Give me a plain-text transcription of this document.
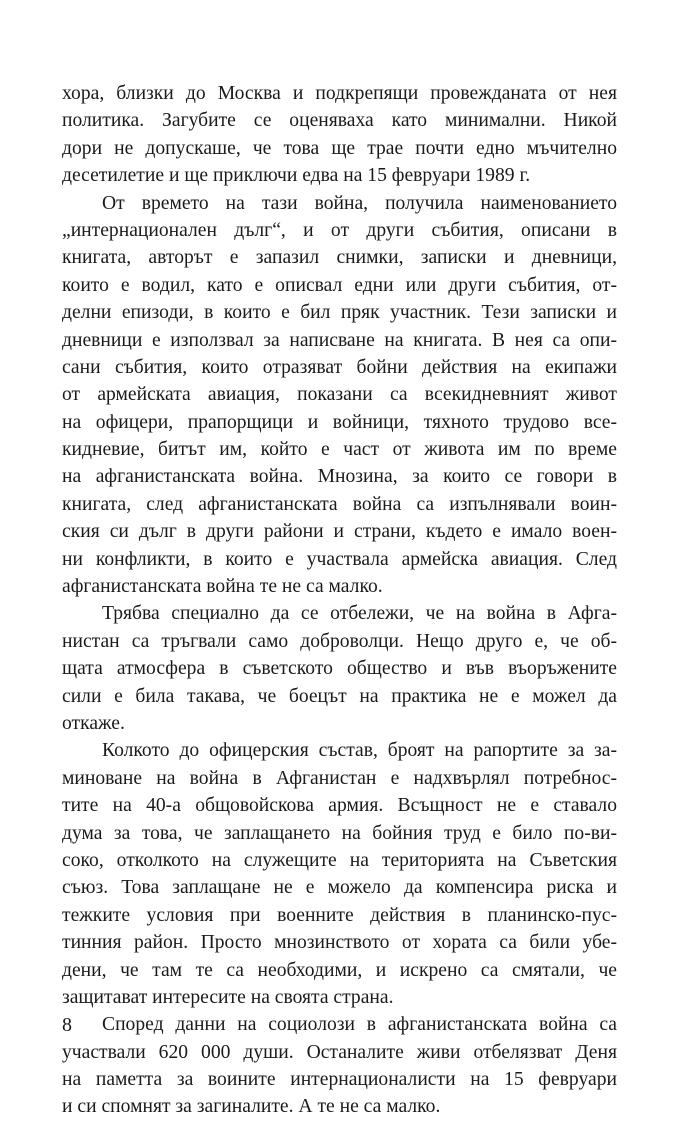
хора, близки до Москва и подкрепящи провежданата от нея
политика. Загубите се оценяваха като минимални. Никой
дори не допускаше, че това ще трае почти едно мъчително
десетилетие и ще приключи едва на 15 февруари 1989 г.
От времето на тази война, получила наименованието
„интернационален дълг“, и от други събития, описани в
книгата, авторът е запазил снимки, записки и дневници,
които е водил, като е описвал едни или други събития, от-
делни епизоди, в които е бил пряк участник. Тези записки и
дневници е използвал за написване на книгата. В нея са опи-
сани събития, които отразяват бойни действия на екипажи
от армейската авиация, показани са всекидневният живот
на офицери, прапорщици и войници, тяхното трудово все-
кидневие, битът им, който е част от живота им по време
на афганистанската война. Мнозина, за които се говори в
книгата, след афганистанската война са изпълнявали воин-
ския си дълг в други райони и страни, където е имало воен-
ни конфликти, в които е участвала армейска авиация. След
афганистанската война те не са малко.
Трябва специално да се отбележи, че на война в Афга-
нистан са тръгвали само доброволци. Нещо друго е, че об-
щата атмосфера в съветското общество и във въоръжените
сили е била такава, че боецът на практика не е можел да
откаже.
Колкото до офицерския състав, броят на рапортите за за-
миноване на война в Афганистан е надхвърлял потребнос-
тите на 40-а общовойскова армия. Всъщност не е ставало
дума за това, че заплащането на бойния труд е било по-ви-
соко, отколкото на служещите на територията на Съветския
съюз. Това заплащане не е можело да компенсира риска и
тежките условия при военните действия в планинско-пус-
тинния район. Просто мнозинството от хората са били убе-
дени, че там те са необходими, и искрено са смятали, че
защитават интересите на своята страна.
Според данни на социолози в афганистанската война са
участвали 620 000 души. Останалите живи отбелязват Деня
на паметта за воините интернационалисти на 15 февруари
и си спомнят за загиналите. А те не са малко.
8
